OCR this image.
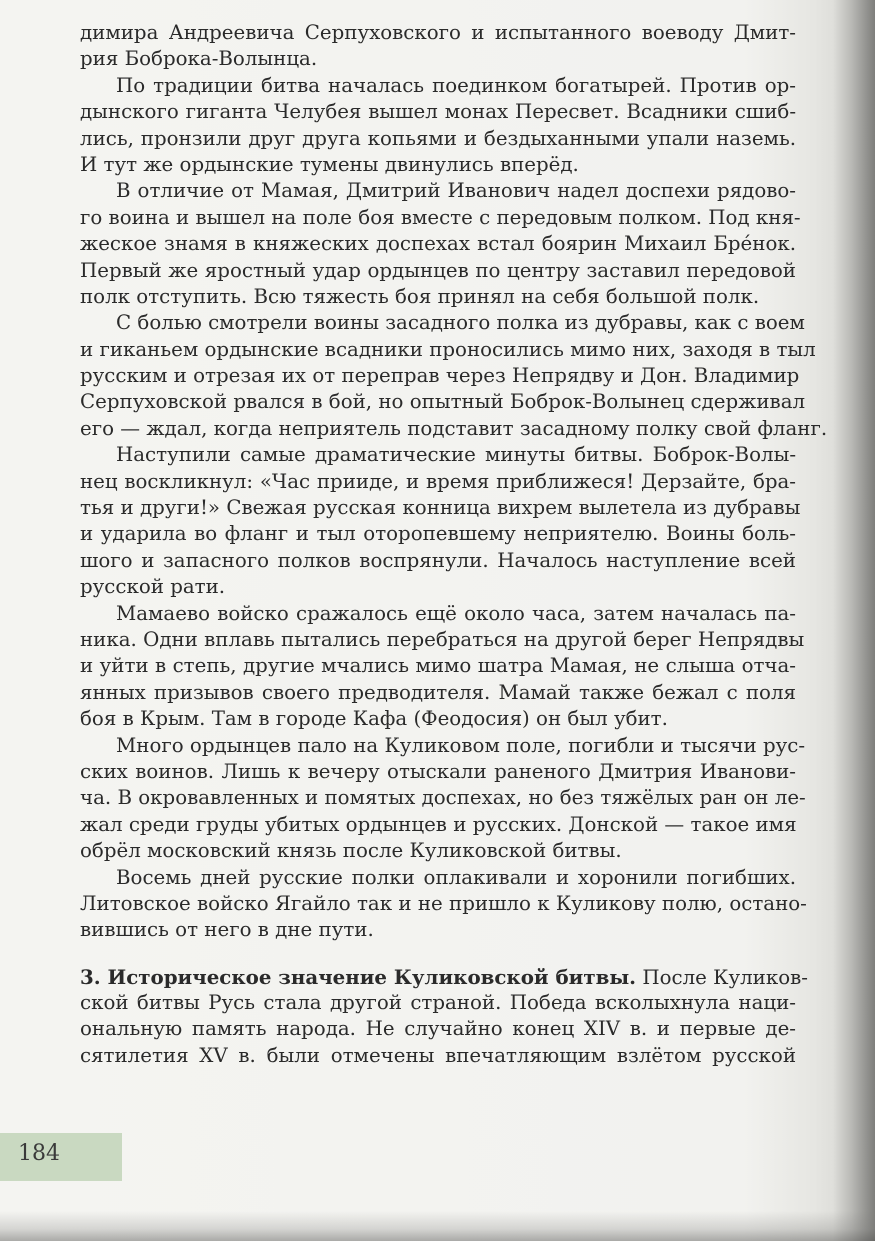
димира Андреевича Серпуховского и испытанного воеводу Дмит-
рия Боброка-Волынца.
По традиции битва началась поединком богатырей. Против ор-
дынского гиганта Челубея вышел монах Пересвет. Всадники сшиб-
лись, пронзили друг друга копьями и бездыханными упали наземь.
И тут же ордынские тумены двинулись вперёд.
В отличие от Мамая, Дмитрий Иванович надел доспехи рядово-
го воина и вышел на поле боя вместе с передовым полком. Под кня-
жеское знамя в княжеских доспехах встал боярин Михаил Бре́нок.
Первый же яростный удар ордынцев по центру заставил передовой
полк отступить. Всю тяжесть боя принял на себя большой полк.
С болью смотрели воины засадного полка из дубравы, как с воем
и гиканьем ордынские всадники проносились мимо них, заходя в тыл
русским и отрезая их от переправ через Непрядву и Дон. Владимир
Серпуховской рвался в бой, но опытный Боброк-Волынец сдерживал
его — ждал, когда неприятель подставит засадному полку свой фланг.
Наступили самые драматические минуты битвы. Боброк-Волы-
нец воскликнул: «Час прииде, и время приближеся! Дерзайте, бра-
тья и други!» Свежая русская конница вихрем вылетела из дубравы
и ударила во фланг и тыл оторопевшему неприятелю. Воины боль-
шого и запасного полков воспрянули. Началось наступление всей
русской рати.
Мамаево войско сражалось ещё около часа, затем началась па-
ника. Одни вплавь пытались перебраться на другой берег Непрядвы
и уйти в степь, другие мчались мимо шатра Мамая, не слыша отча-
янных призывов своего предводителя. Мамай также бежал с поля
боя в Крым. Там в городе Кафа (Феодосия) он был убит.
Много ордынцев пало на Куликовом поле, погибли и тысячи рус-
ских воинов. Лишь к вечеру отыскали раненого Дмитрия Иванови-
ча. В окровавленных и помятых доспехах, но без тяжёлых ран он ле-
жал среди груды убитых ордынцев и русских. Донской — такое имя
обрёл московский князь после Куликовской битвы.
Восемь дней русские полки оплакивали и хоронили погибших.
Литовское войско Ягайло так и не пришло к Куликову полю, остано-
вившись от него в дне пути.
3. Историческое значение Куликовской битвы. После Куликов-
ской битвы Русь стала другой страной. Победа всколыхнула наци-
ональную память народа. Не случайно конец XIV в. и первые де-
сятилетия XV в. были отмечены впечатляющим взлётом русской
184
